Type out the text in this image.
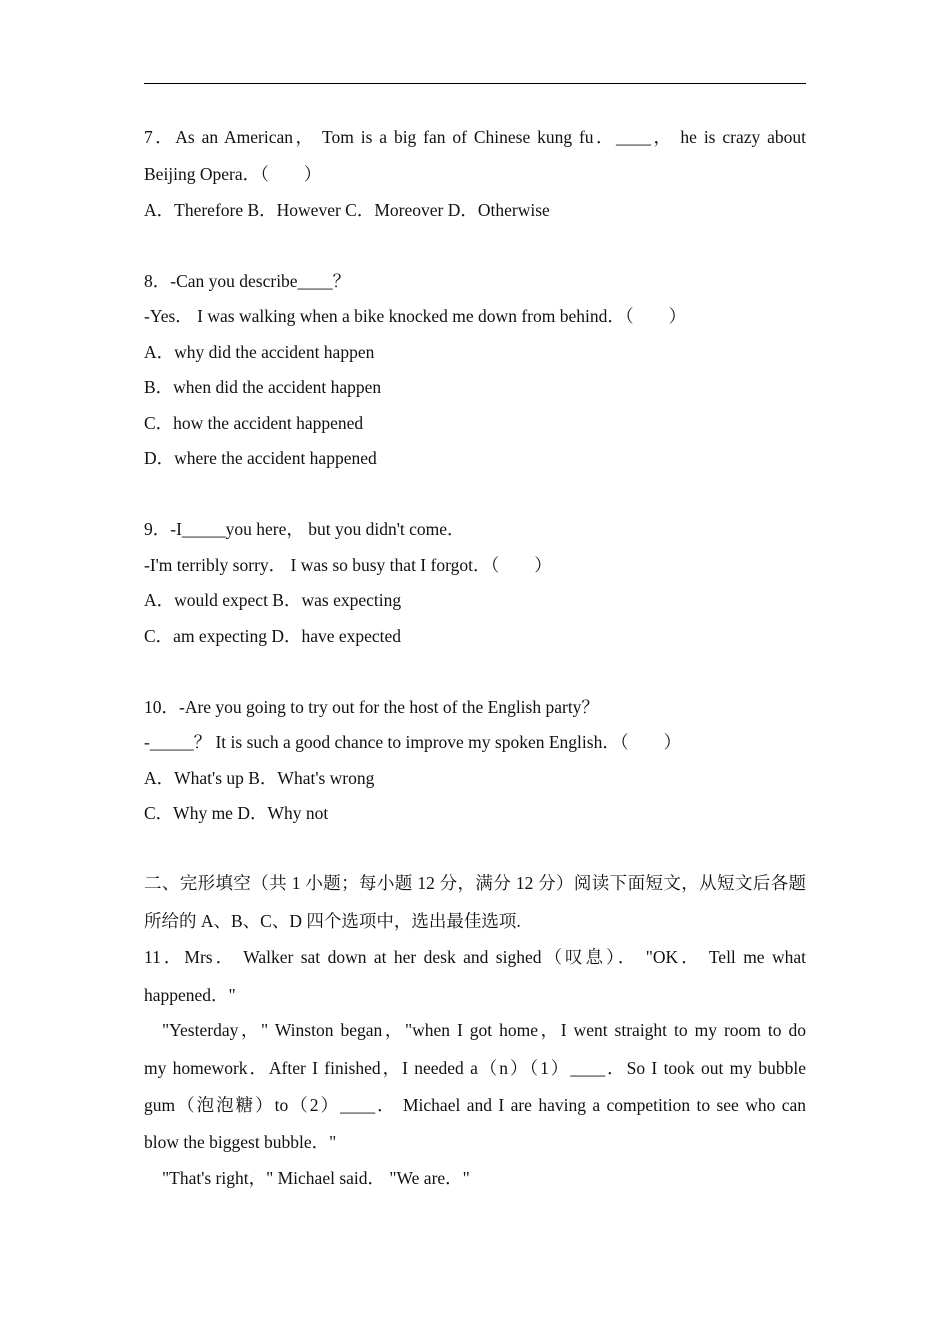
7．As an American， Tom is a big fan of Chinese kung fu．____， he is crazy about
Beijing Opera．（　　）
A．Therefore B．However C．Moreover D．Otherwise
8．-Can you describe____？
-Yes． I was walking when a bike knocked me down from behind．（　　）
A．why did the accident happen
B．when did the accident happen
C．how the accident happened
D．where the accident happened
9．-I_____you here， but you didn't come．
-I'm terribly sorry． I was so busy that I forgot．（　　）
A．would expect B．was expecting
C．am expecting D．have expected
10．-Are you going to try out for the host of the English party？
-_____？ It is such a good chance to improve my spoken English．（　　）
A．What's up B．What's wrong
C．Why me D．Why not
二、完形填空（共 1 小题；每小题 12 分，满分 12 分）阅读下面短文，从短文后各题
所给的 A、B、C、D 四个选项中，选出最佳选项.
11．Mrs． Walker sat down at her desk and sighed（叹息）． "OK． Tell me what
happened．"
"Yesterday，" Winston began，"when I got home，I went straight to my room to do
my homework．After I finished，I needed a（n）（1）____．So I took out my bubble
gum（泡泡糖）to（2）____． Michael and I are having a competition to see who can
blow the biggest bubble．"
"That's right，" Michael said． "We are．"
